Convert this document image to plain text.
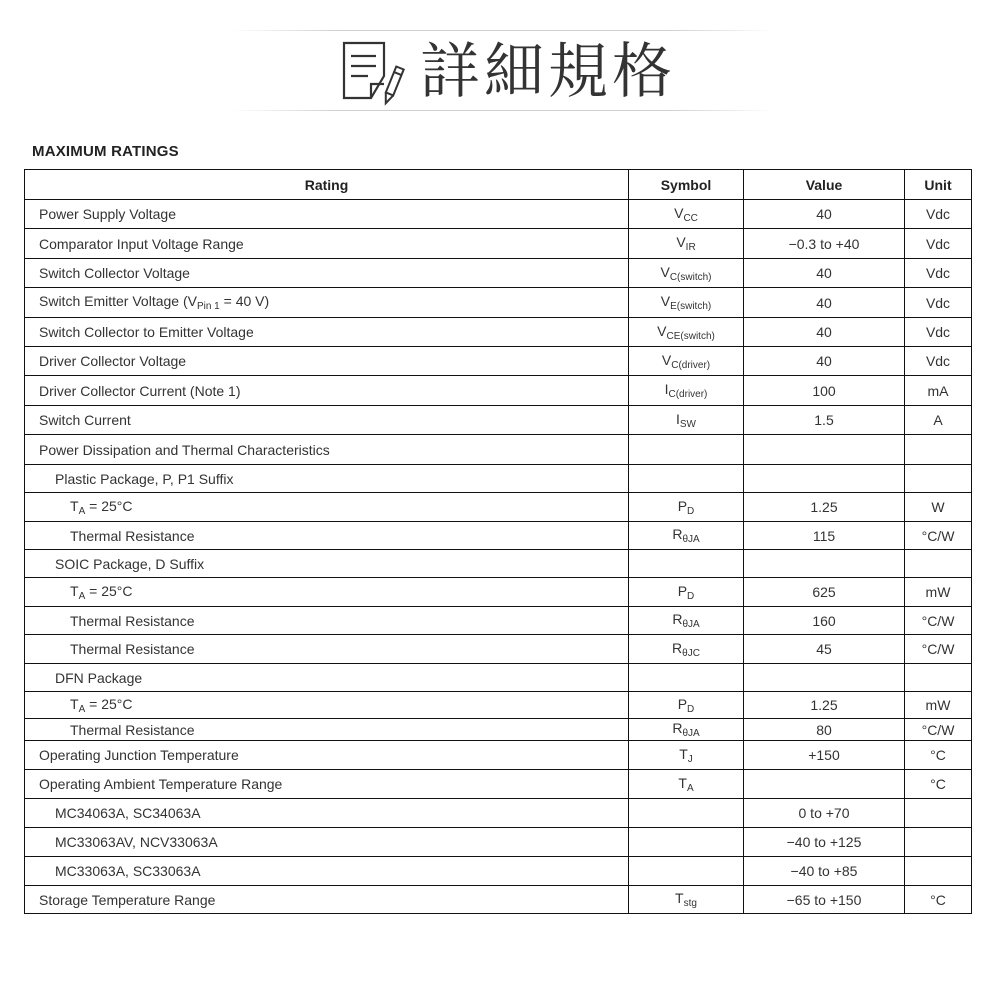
詳細規格
MAXIMUM RATINGS
Rating	Symbol	Value	Unit
Power Supply Voltage	$V_{CC}$	40	Vdc
Comparator Input Voltage Range	$V_{IR}$	−0.3 to +40	Vdc
Switch Collector Voltage	$V_{C(switch)}$	40	Vdc
Switch Emitter Voltage ($V_{Pin 1} = 40$ V)	$V_{E(switch)}$	40	Vdc
Switch Collector to Emitter Voltage	$V_{CE(switch)}$	40	Vdc
Driver Collector Voltage	$V_{C(driver)}$	40	Vdc
Driver Collector Current (Note 1)	$I_{C(driver)}$	100	mA
Switch Current	$I_{SW}$	1.5	A
Power Dissipation and Thermal Characteristics			
Plastic Package, P, P1 Suffix			
$T_A = 25^\circ C$	$P_D$	1.25	W
Thermal Resistance	$R_{\theta JA}$	115	°C/W
SOIC Package, D Suffix			
$T_A = 25^\circ C$	$P_D$	625	mW
Thermal Resistance	$R_{\theta JA}$	160	°C/W
Thermal Resistance	$R_{\theta JC}$	45	°C/W
DFN Package			
$T_A = 25^\circ C$	$P_D$	1.25	mW
Thermal Resistance	$R_{\theta JA}$	80	°C/W
Operating Junction Temperature	$T_J$	+150	°C
Operating Ambient Temperature Range	$T_A$		°C
MC34063A, SC34063A		0 to +70	
MC33063AV, NCV33063A		−40 to +125	
MC33063A, SC33063A		−40 to +85	
Storage Temperature Range	$T_{stg}$	−65 to +150	°C
